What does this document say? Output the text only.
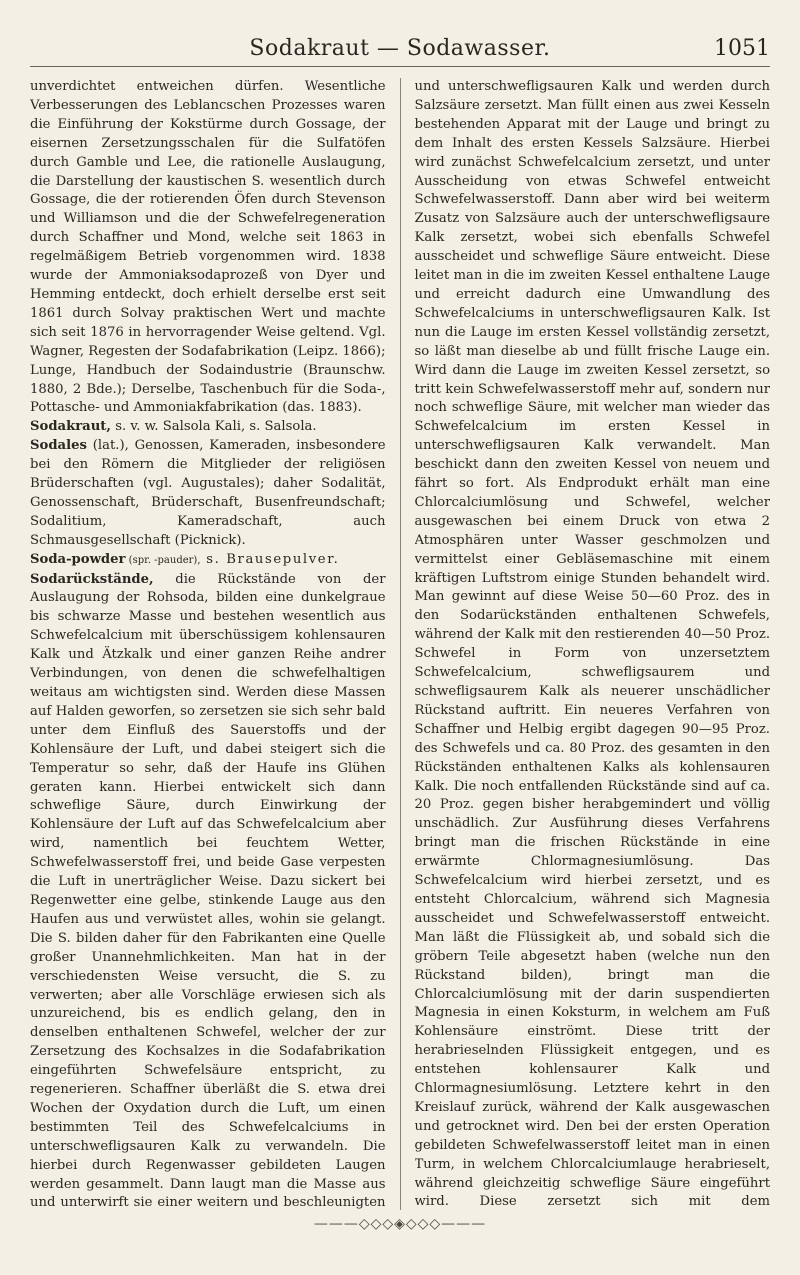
Sodakraut — Sodawasser.	1051

unverdichtet entweichen dürfen. Wesentliche Verbesserungen des Leblancschen Prozesses waren die Einführung der Kokstürme durch Gossage, der eisernen Zersetzungsschalen für die Sulfatöfen durch Gamble und Lee, die rationelle Auslaugung, die Darstellung der kaustischen S. wesentlich durch Gossage, die der rotierenden Öfen durch Stevenson und Williamson und die der Schwefelregeneration durch Schaffner und Mond, welche seit 1863 in regelmäßigem Betrieb vorgenommen wird. 1838 wurde der Ammoniaksodaprozeß von Dyer und Hemming entdeckt, doch erhielt derselbe erst seit 1861 durch Solvay praktischen Wert und machte sich seit 1876 in hervorragender Weise geltend. Vgl. Wagner, Regesten der Sodafabrikation (Leipz. 1866); Lunge, Handbuch der Sodaindustrie (Braunschw. 1880, 2 Bde.); Derselbe, Taschenbuch für die Soda-, Pottasche- und Ammoniakfabrikation (das. 1883).

Sodakraut, s. v. w. Salsola Kali, s. Salsola.

Sodales (lat.), Genossen, Kameraden, insbesondere bei den Römern die Mitglieder der religiösen Brüderschaften (vgl. Augustales); daher Sodalität, Genossenschaft, Brüderschaft, Busenfreundschaft; Sodalitium, Kameradschaft, auch Schmausgesellschaft (Picknick).

Soda-powder (spr. -pauder), s. Brausepulver.

Sodarückstände, die Rückstände von der Auslaugung der Rohsoda, bilden eine dunkelgraue bis schwarze Masse und bestehen wesentlich aus Schwefelcalcium mit überschüssigem kohlensauren Kalk und Ätzkalk und einer ganzen Reihe andrer Verbindungen, von denen die schwefelhaltigen weitaus am wichtigsten sind. Werden diese Massen auf Halden geworfen, so zersetzen sie sich sehr bald unter dem Einfluß des Sauerstoffs und der Kohlensäure der Luft, und dabei steigert sich die Temperatur so sehr, daß der Haufe ins Glühen geraten kann. Hierbei entwickelt sich dann schweflige Säure, durch Einwirkung der Kohlensäure der Luft auf das Schwefelcalcium aber wird, namentlich bei feuchtem Wetter, Schwefelwasserstoff frei, und beide Gase verpesten die Luft in unerträglicher Weise. Dazu sickert bei Regenwetter eine gelbe, stinkende Lauge aus den Haufen aus und verwüstet alles, wohin sie gelangt. Die S. bilden daher für den Fabrikanten eine Quelle großer Unannehmlichkeiten. Man hat in der verschiedensten Weise versucht, die S. zu verwerten; aber alle Vorschläge erwiesen sich als unzureichend, bis es endlich gelang, den in denselben enthaltenen Schwefel, welcher der zur Zersetzung des Kochsalzes in die Sodafabrikation eingeführten Schwefelsäure entspricht, zu regenerieren. Schaffner überläßt die S. etwa drei Wochen der Oxydation durch die Luft, um einen bestimmten Teil des Schwefelcalciums in unterschwefligsauren Kalk zu verwandeln. Die hierbei durch Regenwasser gebildeten Laugen werden gesammelt. Dann laugt man die Masse aus und unterwirft sie einer weitern und beschleunigten

und unterschwefligsauren Kalk und werden durch Salzsäure zersetzt. Man füllt einen aus zwei Kesseln bestehenden Apparat mit der Lauge und bringt zu dem Inhalt des ersten Kessels Salzsäure. Hierbei wird zunächst Schwefelcalcium zersetzt, und unter Ausscheidung von etwas Schwefel entweicht Schwefelwasserstoff. Dann aber wird bei weiterm Zusatz von Salzsäure auch der unterschwefligsaure Kalk zersetzt, wobei sich ebenfalls Schwefel ausscheidet und schweflige Säure entweicht. Diese leitet man in die im zweiten Kessel enthaltene Lauge und erreicht dadurch eine Umwandlung des Schwefelcalciums in unterschwefligsauren Kalk. Ist nun die Lauge im ersten Kessel vollständig zersetzt, so läßt man dieselbe ab und füllt frische Lauge ein. Wird dann die Lauge im zweiten Kessel zersetzt, so tritt kein Schwefelwasserstoff mehr auf, sondern nur noch schweflige Säure, mit welcher man wieder das Schwefelcalcium im ersten Kessel in unterschwefligsauren Kalk verwandelt. Man beschickt dann den zweiten Kessel von neuem und fährt so fort. Als Endprodukt erhält man eine Chlorcalciumlösung und Schwefel, welcher ausgewaschen bei einem Druck von etwa 2 Atmosphären unter Wasser geschmolzen und vermittelst einer Gebläsemaschine mit einem kräftigen Luftstrom einige Stunden behandelt wird. Man gewinnt auf diese Weise 50—60 Proz. des in den Sodarückständen enthaltenen Schwefels, während der Kalk mit den restierenden 40—50 Proz. Schwefel in Form von unzersetztem Schwefelcalcium, schwefligsaurem und schwefligsaurem Kalk als neuerer unschädlicher Rückstand auftritt. Ein neueres Verfahren von Schaffner und Helbig ergibt dagegen 90—95 Proz. des Schwefels und ca. 80 Proz. des gesamten in den Rückständen enthaltenen Kalks als kohlensauren Kalk. Die noch entfallenden Rückstände sind auf ca. 20 Proz. gegen bisher herabgemindert und völlig unschädlich. Zur Ausführung dieses Verfahrens bringt man die frischen Rückstände in eine erwärmte Chlormagnesiumlösung. Das Schwefelcalcium wird hierbei zersetzt, und es entsteht Chlorcalcium, während sich Magnesia ausscheidet und Schwefelwasserstoff entweicht. Man läßt die Flüssigkeit ab, und sobald sich die gröbern Teile abgesetzt haben (welche nun den Rückstand bilden), bringt man die Chlorcalciumlösung mit der darin suspendierten Magnesia in einen Koksturm, in welchem am Fuß Kohlensäure einströmt. Diese tritt der herabrieselnden Flüssigkeit entgegen, und es entstehen kohlensaurer Kalk und Chlormagnesiumlösung. Letztere kehrt in den Kreislauf zurück, während der Kalk ausgewaschen und getrocknet wird. Den bei der ersten Operation gebildeten Schwefelwasserstoff leitet man in einen Turm, in welchem Chlorcalciumlauge herabrieselt, während gleichzeitig schweflige Säure eingeführt wird. Diese zersetzt sich mit dem

———◇◇◇◈◇◇◇———
